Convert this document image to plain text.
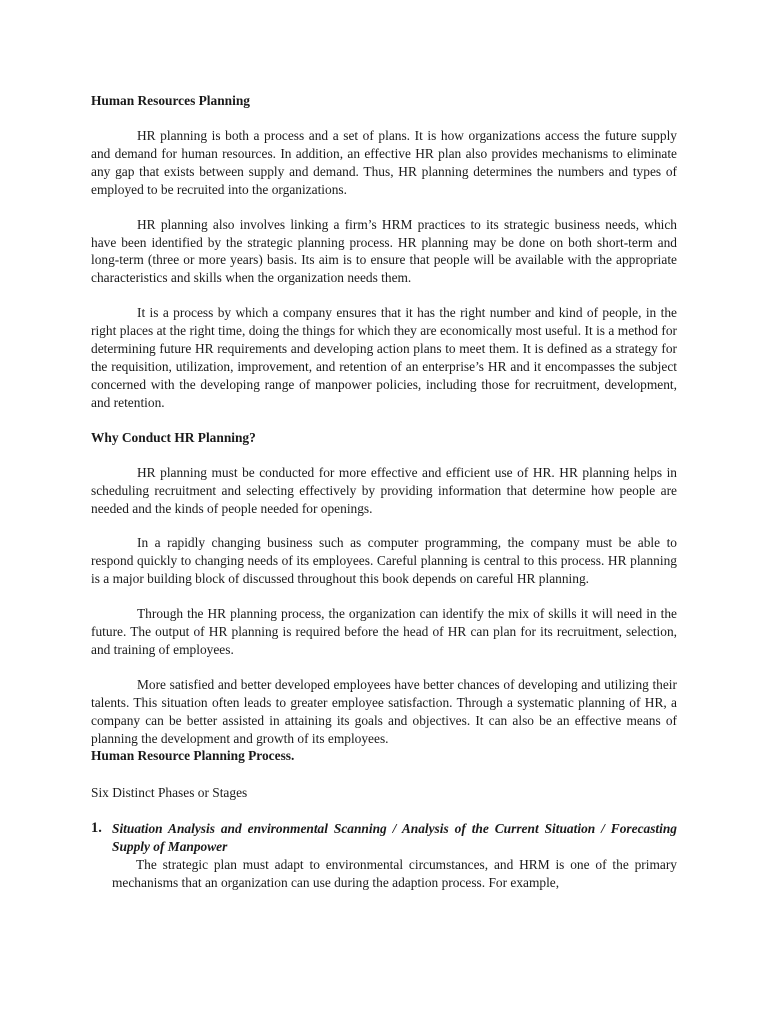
Human Resources Planning

HR planning is both a process and a set of plans. It is how organizations access the future supply and demand for human resources. In addition, an effective HR plan also provides mechanisms to eliminate any gap that exists between supply and demand. Thus, HR planning determines the numbers and types of employed to be recruited into the organizations.

HR planning also involves linking a firm’s HRM practices to its strategic business needs, which have been identified by the strategic planning process. HR planning may be done on both short-term and long-term (three or more years) basis. Its aim is to ensure that people will be available with the appropriate characteristics and skills when the organization needs them.

It is a process by which a company ensures that it has the right number and kind of people, in the right places at the right time, doing the things for which they are economically most useful. It is a method for determining future HR requirements and developing action plans to meet them. It is defined as a strategy for the requisition, utilization, improvement, and retention of an enterprise’s HR and it encompasses the subject concerned with the developing range of manpower policies, including those for recruitment, development, and retention.

Why Conduct HR Planning?

HR planning must be conducted for more effective and efficient use of HR. HR planning helps in scheduling recruitment and selecting effectively by providing information that determine how people are needed and the kinds of people needed for openings.

In a rapidly changing business such as computer programming, the company must be able to respond quickly to changing needs of its employees. Careful planning is central to this process. HR planning is a major building block of discussed throughout this book depends on careful HR planning.

Through the HR planning process, the organization can identify the mix of skills it will need in the future. The output of HR planning is required before the head of HR can plan for its recruitment, selection, and training of employees.

More satisfied and better developed employees have better chances of developing and utilizing their talents. This situation often leads to greater employee satisfaction. Through a systematic planning of HR, a company can be better assisted in attaining its goals and objectives. It can also be an effective means of planning the development and growth of its employees.

Human Resource Planning Process.

Six Distinct Phases or Stages

1. Situation Analysis and environmental Scanning / Analysis of the Current Situation / Forecasting Supply of Manpower

The strategic plan must adapt to environmental circumstances, and HRM is one of the primary mechanisms that an organization can use during the adaption process. For example,
